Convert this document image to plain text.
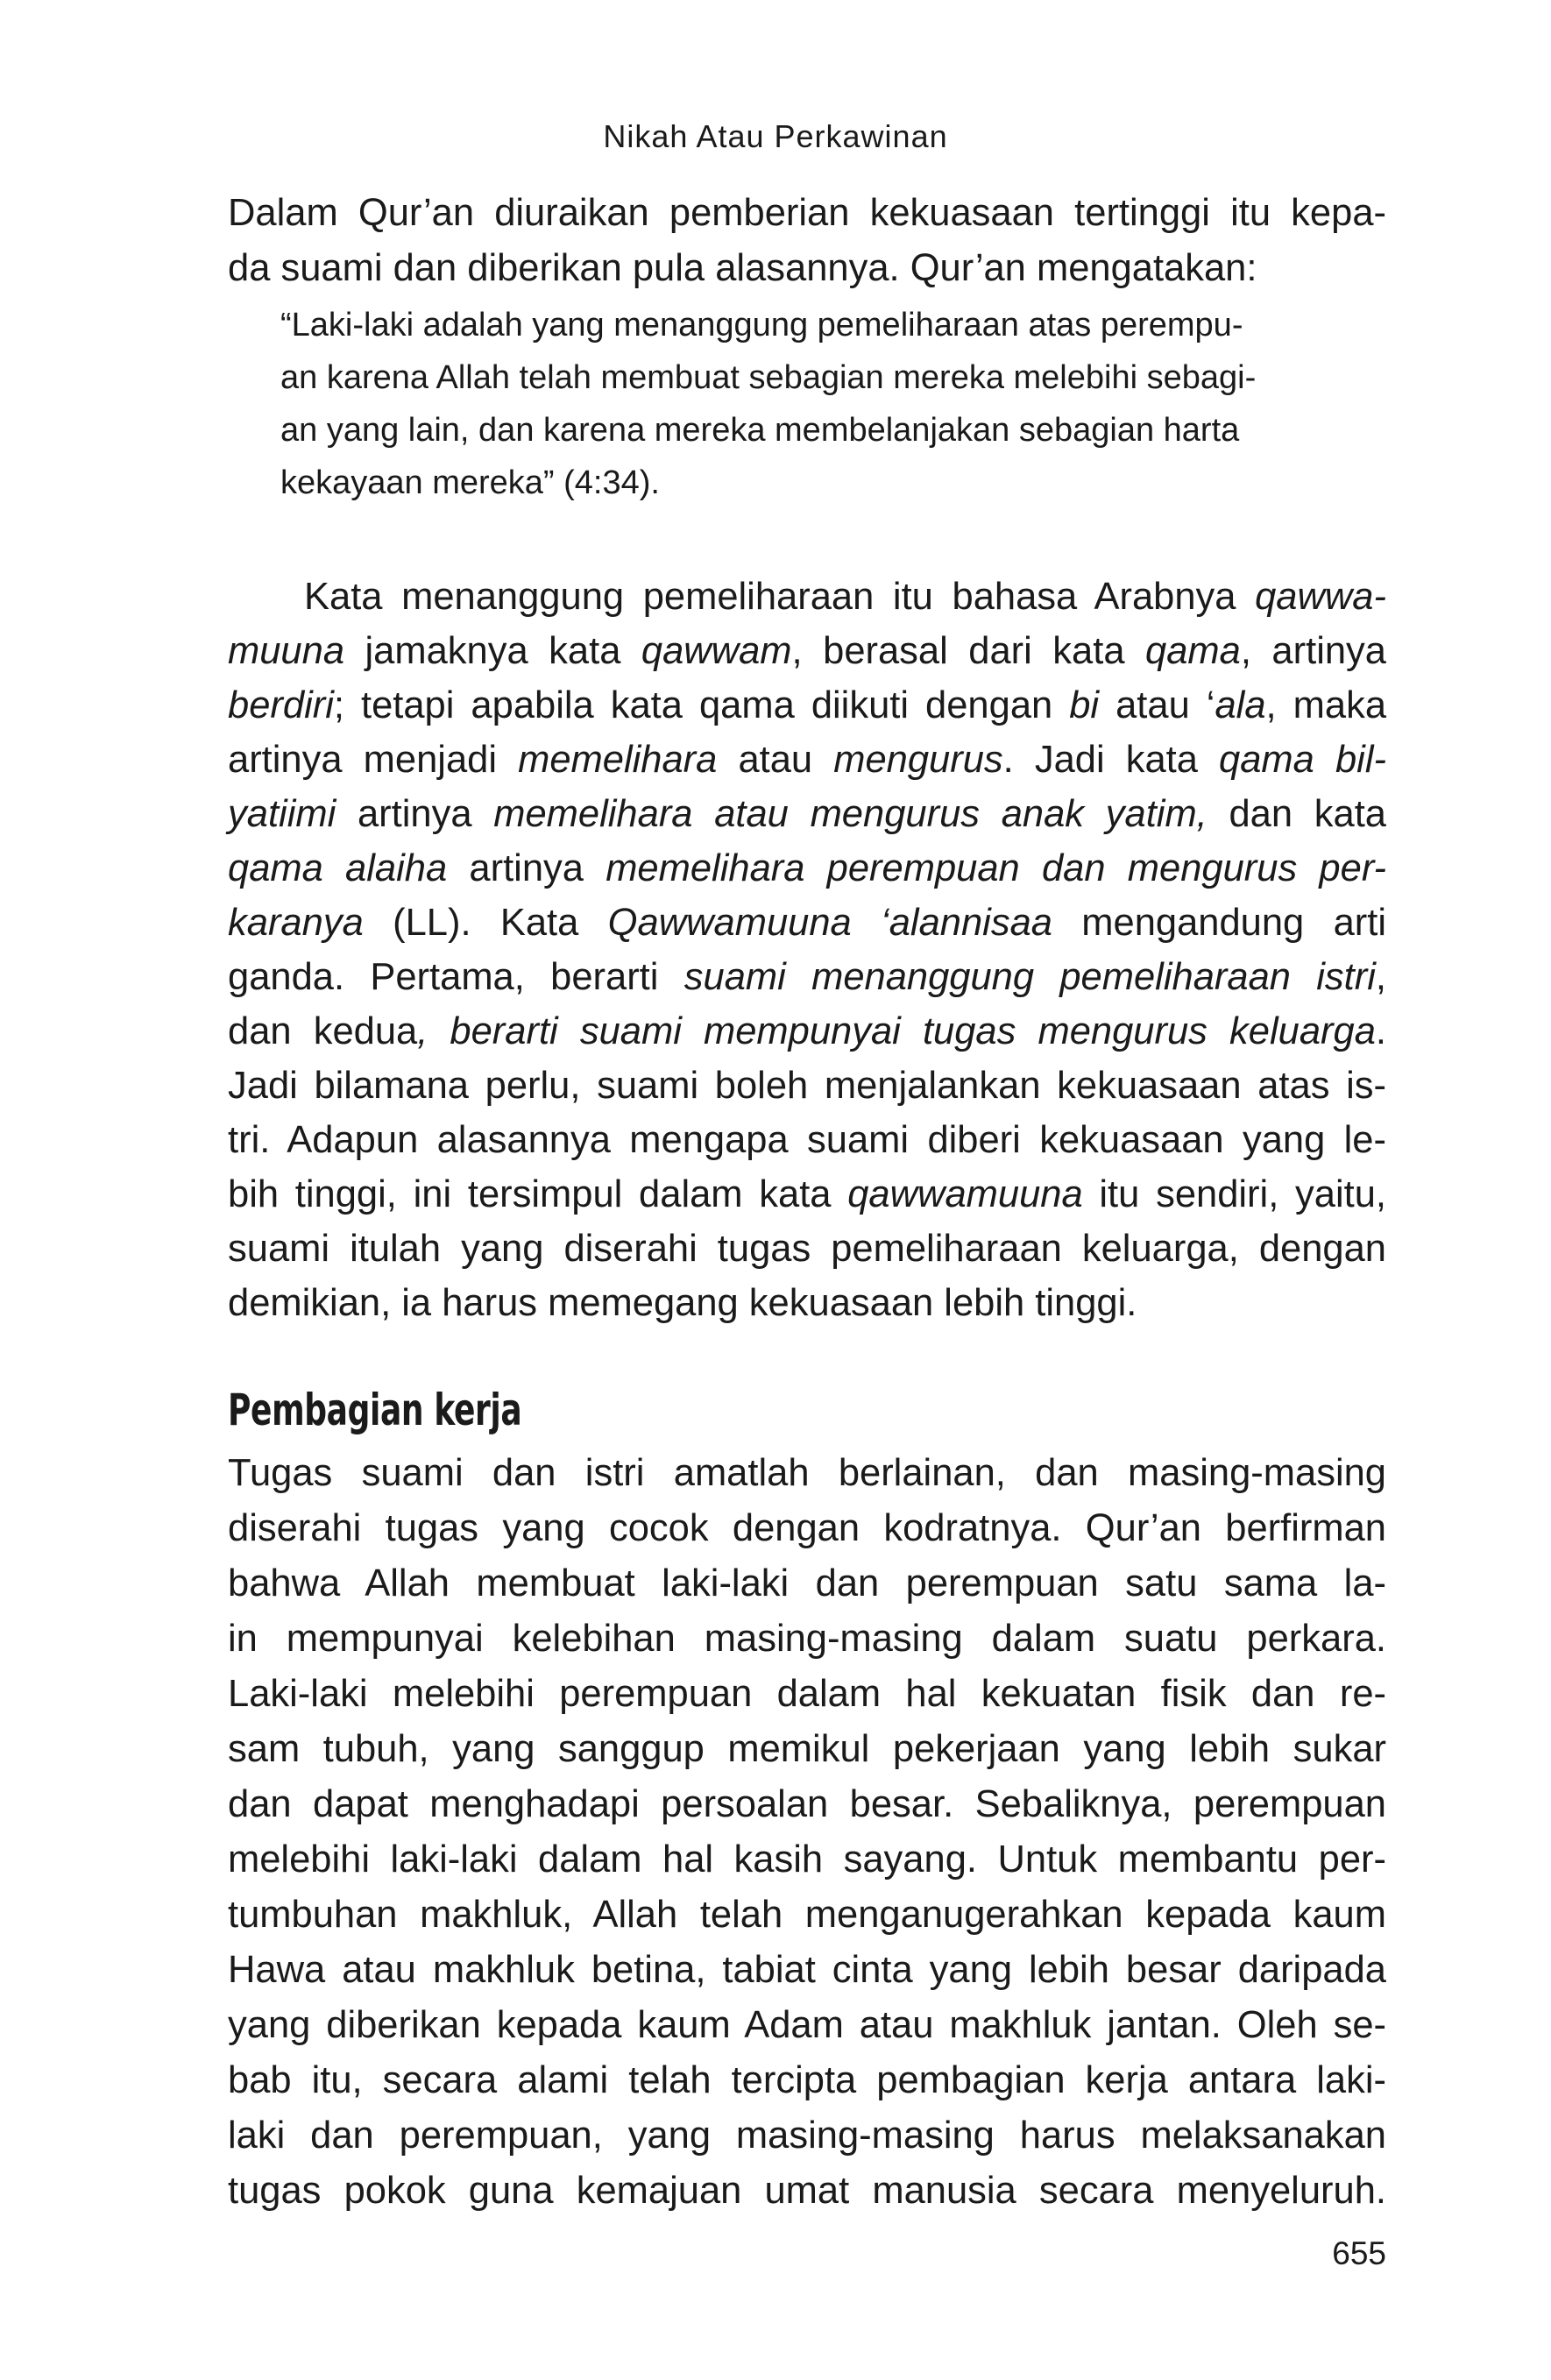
Nikah Atau Perkawinan
Dalam Qur’an diuraikan pemberian kekuasaan tertinggi itu kepa-
da suami dan diberikan pula alasannya. Qur’an mengatakan:
“Laki-laki adalah yang menanggung pemeliharaan atas perempu-
an karena Allah telah membuat sebagian mereka melebihi sebagi-
an yang lain, dan karena mereka membelanjakan sebagian harta
kekayaan mereka” (4:34).
Kata menanggung pemeliharaan itu bahasa Arabnya qawwa-
muuna jamaknya kata qawwam, berasal dari kata qama, artinya
berdiri; tetapi apabila kata qama diikuti dengan bi atau ‘ala, maka
artinya menjadi memelihara atau mengurus. Jadi kata qama bil-
yatiimi artinya memelihara atau mengurus anak yatim, dan kata
qama alaiha artinya memelihara perempuan dan mengurus per-
karanya (LL). Kata Qawwamuuna ‘alannisaa mengandung arti
ganda. Pertama, berarti suami menanggung pemeliharaan istri,
dan kedua, berarti suami mempunyai tugas mengurus keluarga.
Jadi bilamana perlu, suami boleh menjalankan kekuasaan atas is-
tri. Adapun alasannya mengapa suami diberi kekuasaan yang le-
bih tinggi, ini tersimpul dalam kata qawwamuuna itu sendiri, yaitu,
suami itulah yang diserahi tugas pemeliharaan keluarga, dengan
demikian, ia harus memegang kekuasaan lebih tinggi.
Pembagian kerja
Tugas suami dan istri amatlah berlainan, dan masing-masing
diserahi tugas yang cocok dengan kodratnya. Qur’an berfirman
bahwa Allah membuat laki-laki dan perempuan satu sama la-
in mempunyai kelebihan masing-masing dalam suatu perkara.
Laki-laki melebihi perempuan dalam hal kekuatan fisik dan re-
sam tubuh, yang sanggup memikul pekerjaan yang lebih sukar
dan dapat menghadapi persoalan besar. Sebaliknya, perempuan
melebihi laki-laki dalam hal kasih sayang. Untuk membantu per-
tumbuhan makhluk, Allah telah menganugerahkan kepada kaum
Hawa atau makhluk betina, tabiat cinta yang lebih besar daripada
yang diberikan kepada kaum Adam atau makhluk jantan. Oleh se-
bab itu, secara alami telah tercipta pembagian kerja antara laki-
laki dan perempuan, yang masing-masing harus melaksanakan
tugas pokok guna kemajuan umat manusia secara menyeluruh.
655
